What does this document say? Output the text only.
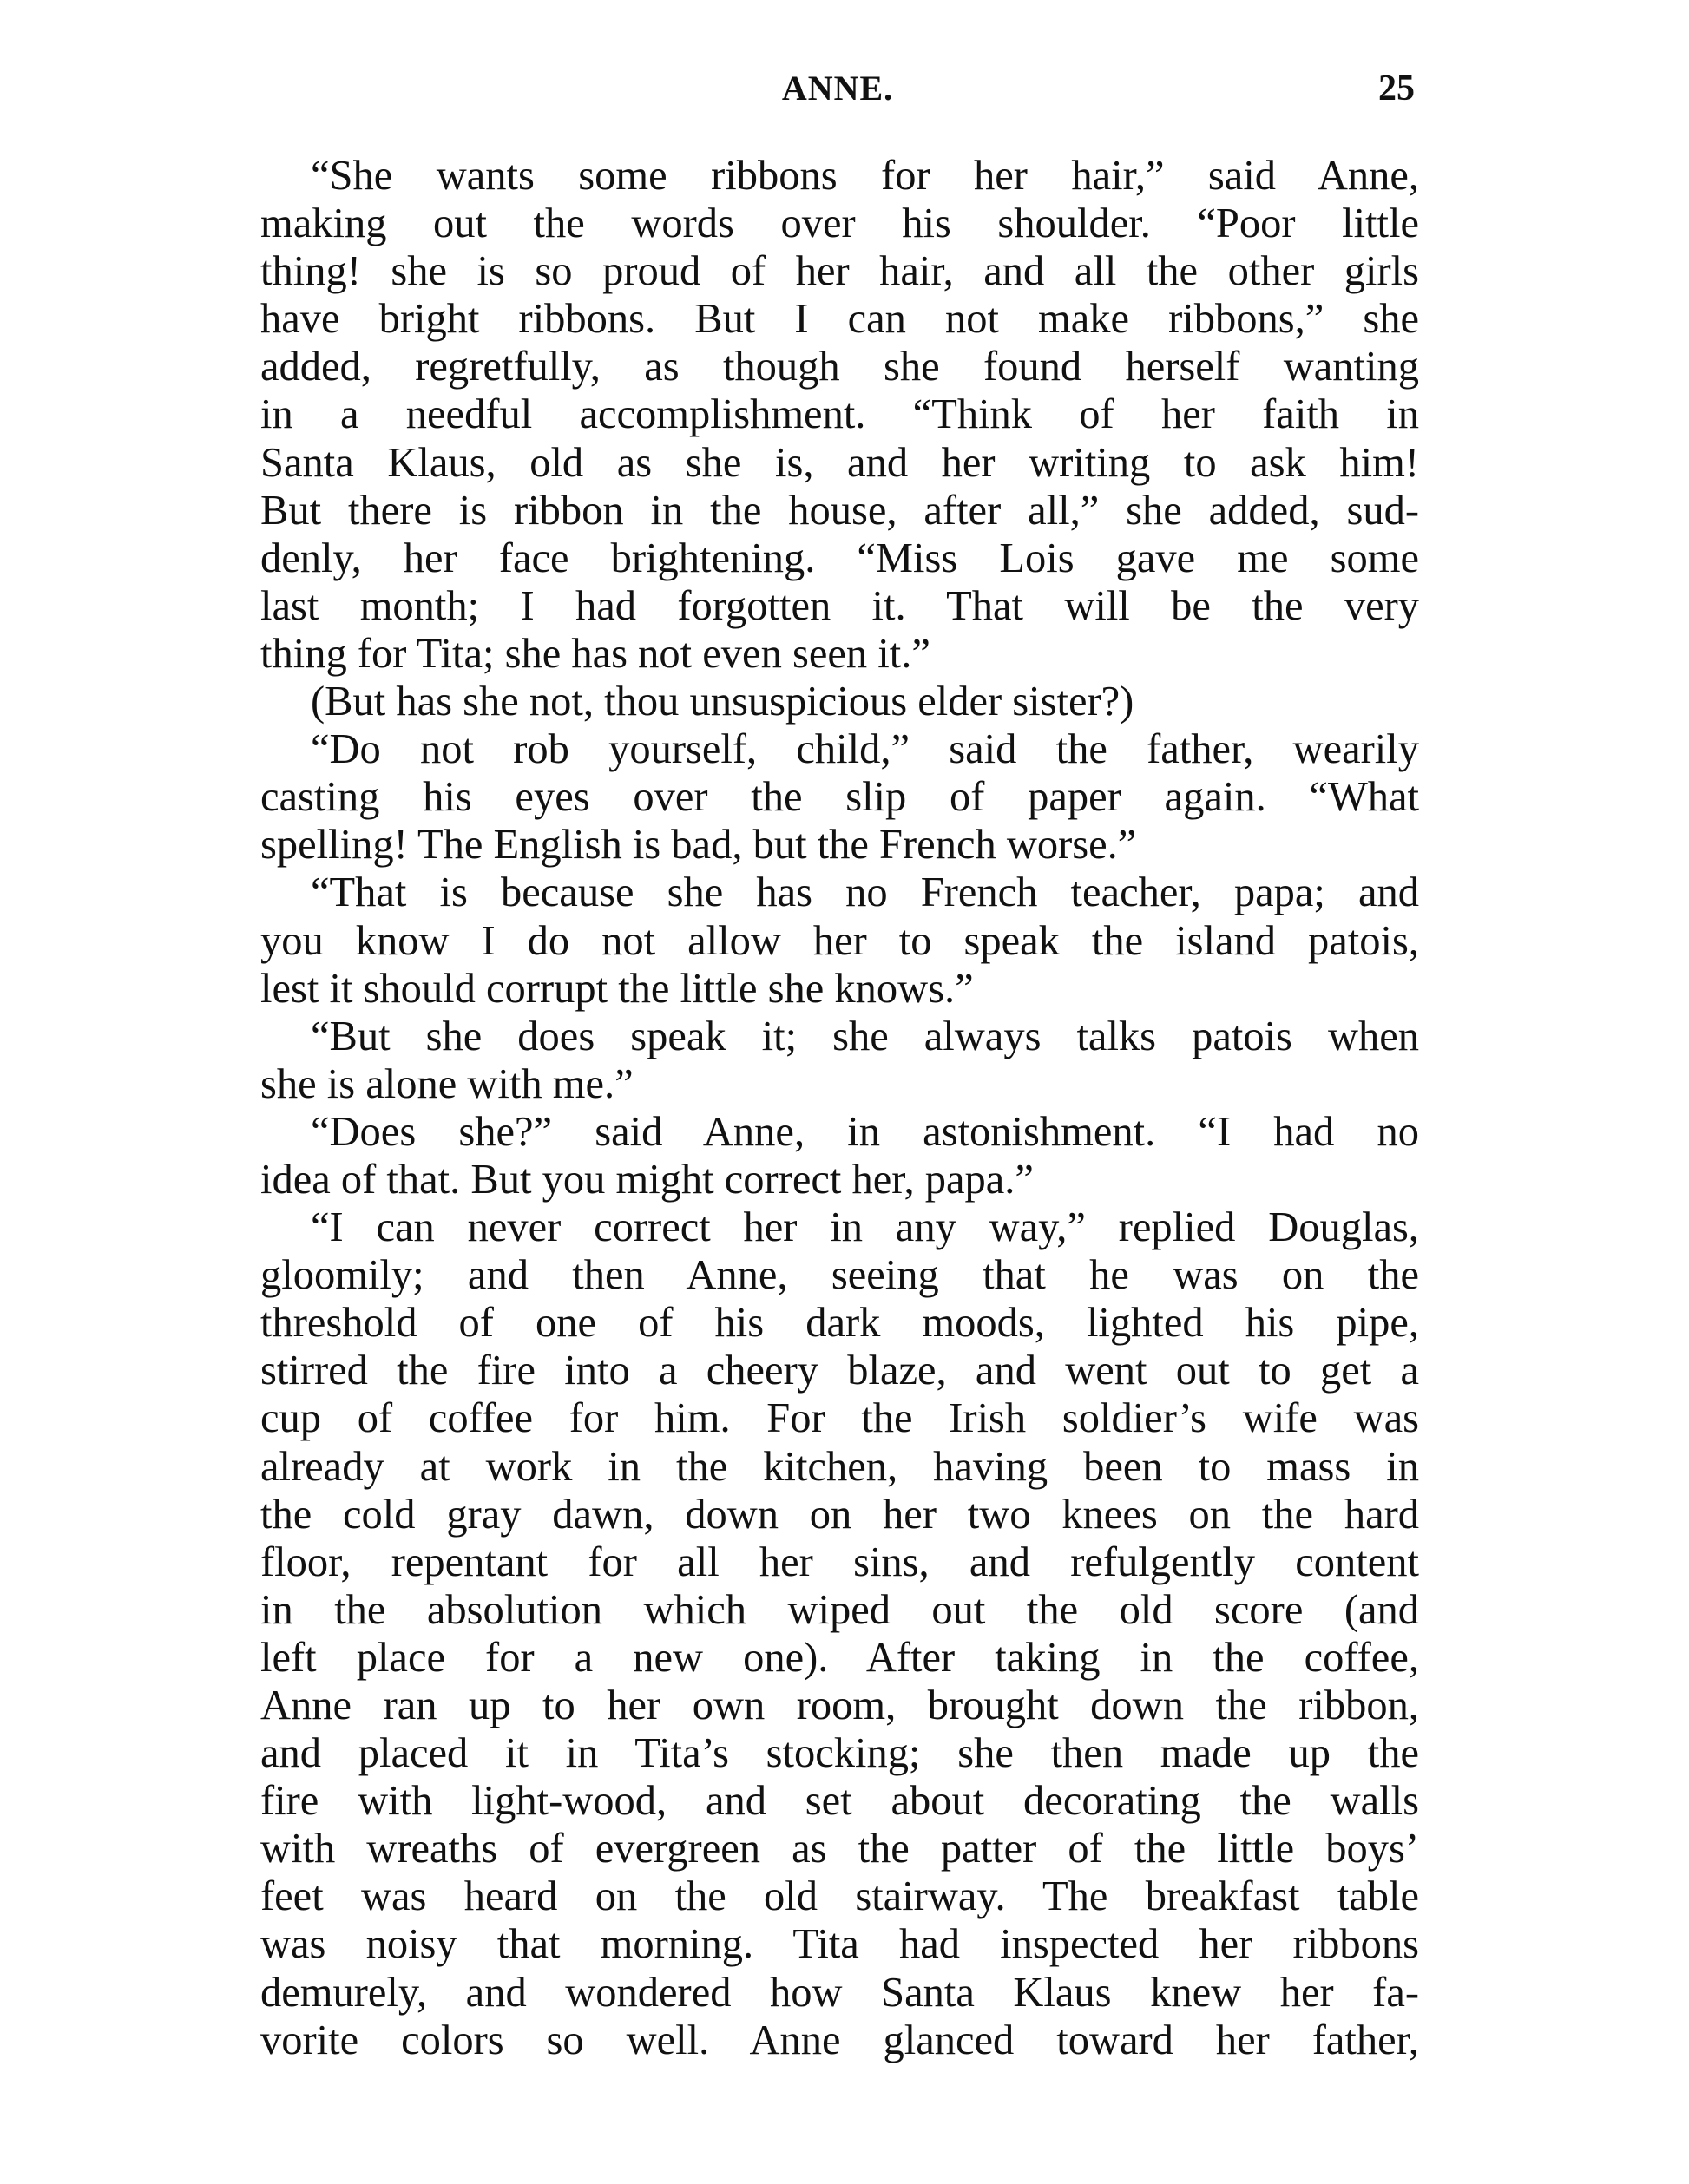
ANNE.	25
“She wants some ribbons for her hair,” said Anne,
making out the words over his shoulder. “Poor little
thing! she is so proud of her hair, and all the other girls
have bright ribbons. But I can not make ribbons,” she
added, regretfully, as though she found herself wanting
in a needful accomplishment. “Think of her faith in
Santa Klaus, old as she is, and her writing to ask him!
But there is ribbon in the house, after all,” she added, sud-
denly, her face brightening. “Miss Lois gave me some
last month; I had forgotten it. That will be the very
thing for Tita; she has not even seen it.”
(But has she not, thou unsuspicious elder sister?)
“Do not rob yourself, child,” said the father, wearily
casting his eyes over the slip of paper again. “What
spelling! The English is bad, but the French worse.”
“That is because she has no French teacher, papa; and
you know I do not allow her to speak the island patois,
lest it should corrupt the little she knows.”
“But she does speak it; she always talks patois when
she is alone with me.”
“Does she?” said Anne, in astonishment. “I had no
idea of that. But you might correct her, papa.”
“I can never correct her in any way,” replied Douglas,
gloomily; and then Anne, seeing that he was on the
threshold of one of his dark moods, lighted his pipe,
stirred the fire into a cheery blaze, and went out to get a
cup of coffee for him. For the Irish soldier’s wife was
already at work in the kitchen, having been to mass in
the cold gray dawn, down on her two knees on the hard
floor, repentant for all her sins, and refulgently content
in the absolution which wiped out the old score (and
left place for a new one). After taking in the coffee,
Anne ran up to her own room, brought down the ribbon,
and placed it in Tita’s stocking; she then made up the
fire with light-wood, and set about decorating the walls
with wreaths of evergreen as the patter of the little boys’
feet was heard on the old stairway. The breakfast table
was noisy that morning. Tita had inspected her ribbons
demurely, and wondered how Santa Klaus knew her fa-
vorite colors so well. Anne glanced toward her father,
